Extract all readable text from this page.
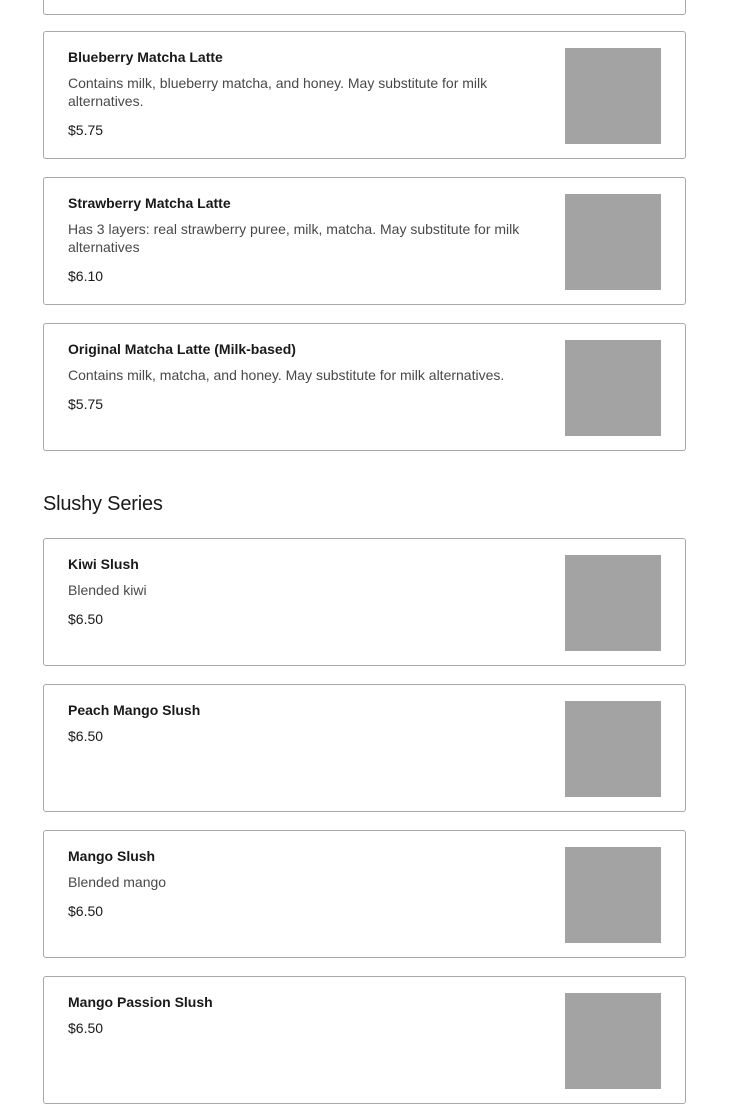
Blueberry Matcha Latte

Contains milk, blueberry matcha, and honey. May substitute for milk alternatives.

$5.75

Strawberry Matcha Latte

Has 3 layers: real strawberry puree, milk, matcha. May substitute for milk alternatives

$6.10

Original Matcha Latte (Milk-based)

Contains milk, matcha, and honey. May substitute for milk alternatives.

$5.75

Slushy Series

Kiwi Slush

Blended kiwi

$6.50

Peach Mango Slush

$6.50

Mango Slush

Blended mango

$6.50

Mango Passion Slush

$6.50
